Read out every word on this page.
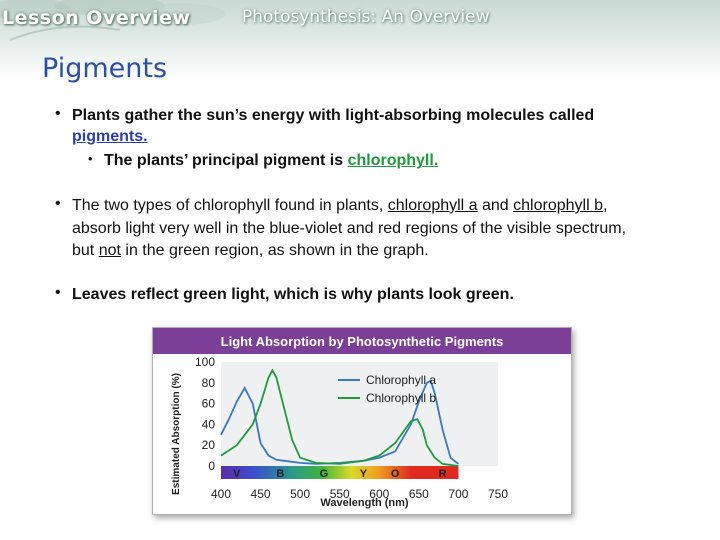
Lesson Overview	Photosynthesis: An Overview
Pigments
• Plants gather the sun’s energy with light-absorbing molecules called
pigments.
• The plants’ principal pigment is chlorophyll.
• The two types of chlorophyll found in plants, chlorophyll a and chlorophyll b,
absorb light very well in the blue-violet and red regions of the visible spectrum,
but not in the green region, as shown in the graph.
• Leaves reflect green light, which is why plants look green.
Light Absorption by Photosynthetic Pigments
V	B	G	Y O	R
0
20
40
60
80
100
400 450 500 550 600 650 700 750
Wavelength (nm)
Estimated Absorption (%)	Chlorophyll a
Chlorophyll b
